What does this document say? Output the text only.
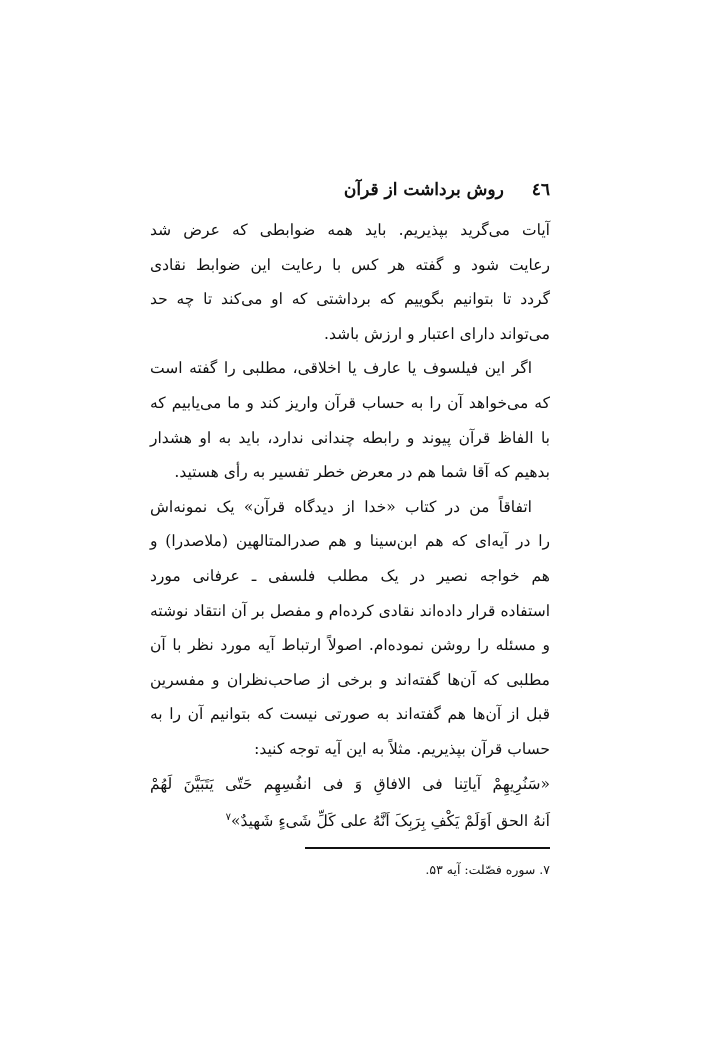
٤٦ روش برداشت از قرآن
آیات می‌گرید بپذیریم. باید همه ضوابطی که عرض شد
رعایت شود و گفته هر کس با رعایت این ضوابط نقادی
گردد تا بتوانیم بگوییم که برداشتی که او می‌کند تا چه حد
می‌تواند دارای اعتبار و ارزش باشد.
اگر این فیلسوف یا عارف یا اخلاقی، مطلبی را گفته است
که می‌خواهد آن را به حساب قرآن واریز کند و ما می‌یابیم که
با الفاظ قرآن پیوند و رابطه چندانی ندارد، باید به او هشدار
بدهیم که آقا شما هم در معرض خطر تفسیر به رأی هستید.
اتفاقاً من در کتاب «خدا از دیدگاه قرآن» یک نمونه‌اش
را در آیه‌ای که هم ابن‌سینا و هم صدرالمتالهین (ملاصدرا) و
هم خواجه نصیر در یک مطلب فلسفی ـ عرفانی مورد
استفاده قرار داده‌اند نقادی کرده‌ام و مفصل بر آن انتقاد نوشته
و مسئله را روشن نموده‌ام. اصولاً ارتباط آیه مورد نظر با آن
مطلبی که آن‌ها گفته‌اند و برخی از صاحب‌نظران و مفسرین
قبل از آن‌ها هم گفته‌اند به صورتی نیست که بتوانیم آن را به
حساب قرآن بپذیریم. مثلاً به این آیه توجه کنید:
«سَنُرِیهِمْ آیاتِنا فی الافاقِ وَ فی انفُسِهِم حَتّی یَتَبَیَّنَ لَهُمْ
اَنهُ الحق اَوَلَمْ یَکْفِ بِرَبِکَ اَنَّهُ علی کَلِّ شَیءٍ شَهیدٌ»$^۷$
۷. سوره فصّلت: آیه ۵۳.
